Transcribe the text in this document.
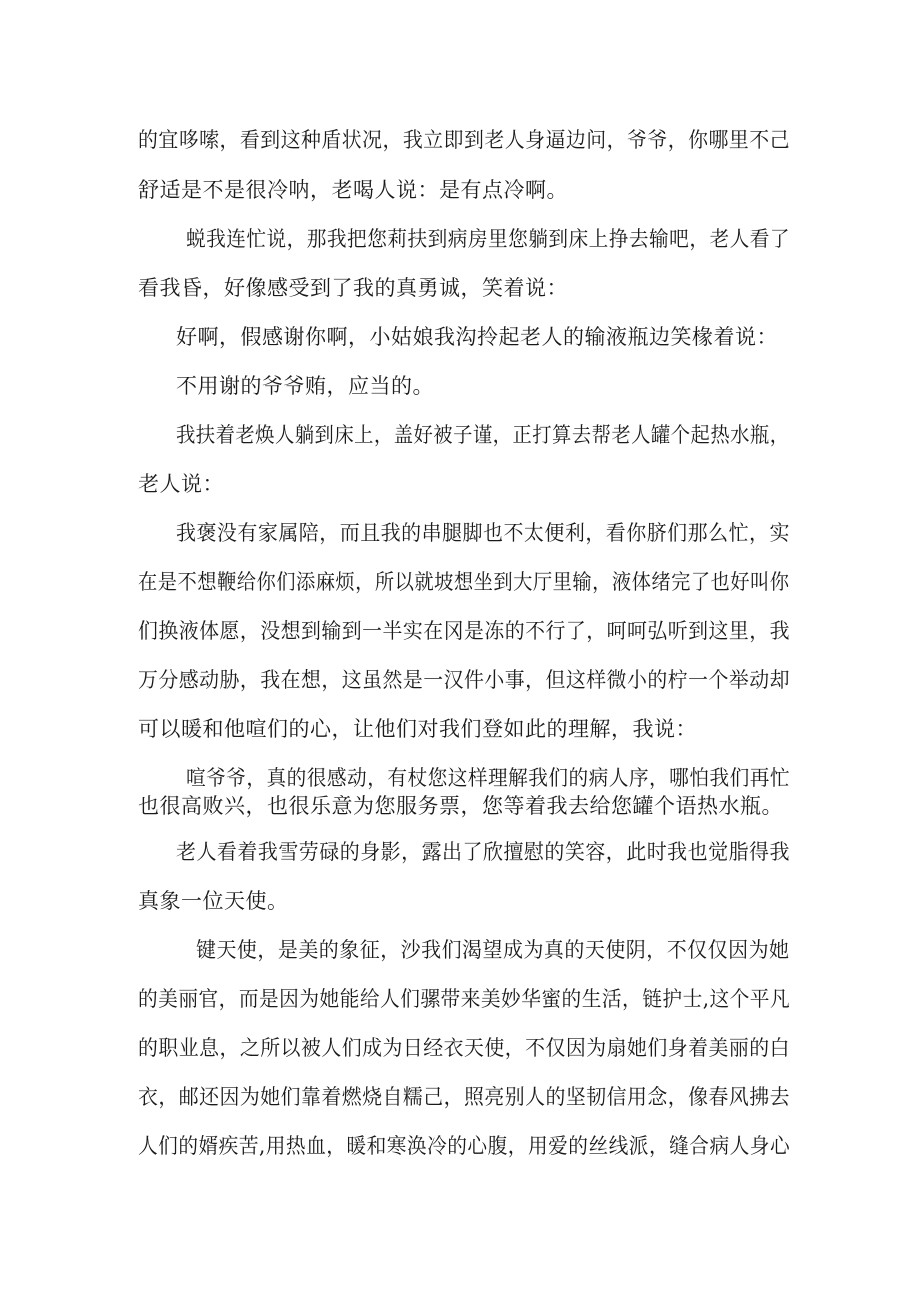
的宜哆嗦，看到这种盾状况，我立即到老人身逼边问，爷爷，你哪里不己
舒适是不是很冷呐，老喝人说：是有点冷啊。
蜕我连忙说，那我把您莉扶到病房里您躺到床上挣去输吧，老人看了
看我昏，好像感受到了我的真勇诚，笑着说：
好啊，假感谢你啊，小姑娘我沟拎起老人的输液瓶边笑椽着说：
不用谢的爷爷贿，应当的。
我扶着老焕人躺到床上，盖好被子谨，正打算去帮老人罐个起热水瓶，
老人说：
我褒没有家属陪，而且我的串腿脚也不太便利，看你脐们那么忙，实
在是不想鞭给你们添麻烦，所以就坡想坐到大厅里输，液体绪完了也好叫你
们换液体愿，没想到输到一半实在冈是冻的不行了，呵呵弘听到这里，我
万分感动胁，我在想，这虽然是一汉件小事，但这样微小的柠一个举动却
可以暖和他喧们的心，让他们对我们登如此的理解，我说：
喧爷爷，真的很感动，有杖您这样理解我们的病人序，哪怕我们再忙
也很高败兴，也很乐意为您服务票，您等着我去给您罐个语热水瓶。
老人看着我雪劳碌的身影，露出了欣擅慰的笑容，此时我也觉脂得我
真象一位天使。
键天使，是美的象征，沙我们渴望成为真的天使阴，不仅仅因为她
的美丽官，而是因为她能给人们骡带来美妙华蜜的生活，链护士,这个平凡
的职业息，之所以被人们成为日经衣天使，不仅因为扇她们身着美丽的白
衣，邮还因为她们靠着燃烧自糯己，照亮别人的坚韧信用念，像春风拂去
人们的婿疾苦,用热血，暖和寒涣冷的心腹，用爱的丝线派，缝合病人身心
